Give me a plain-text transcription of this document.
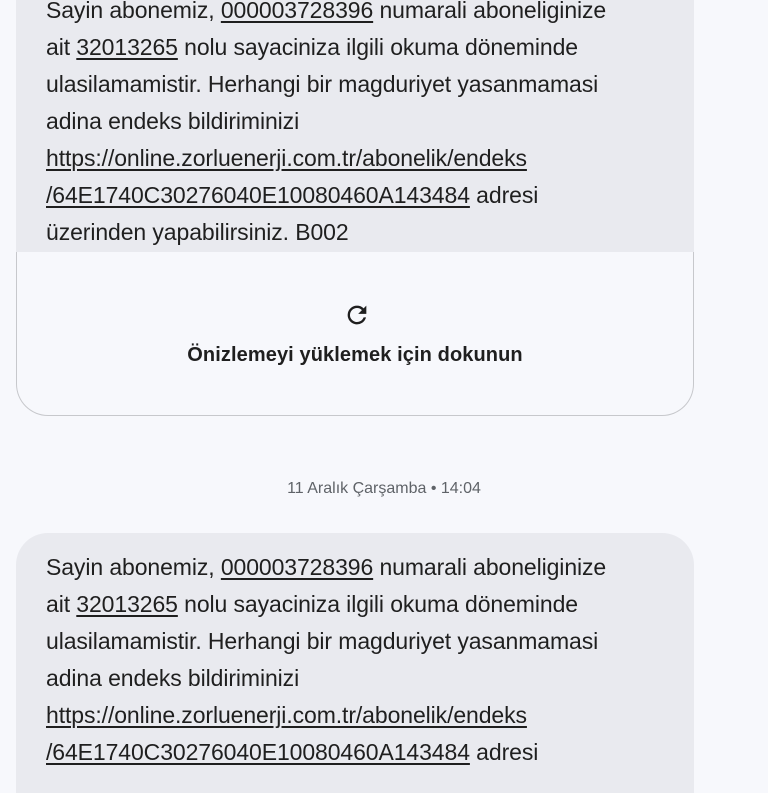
Sayin abonemiz, 000003728396 numarali aboneliginize
ait 32013265 nolu sayaciniza ilgili okuma döneminde
ulasilamamistir. Herhangi bir magduriyet yasanmamasi
adina endeks bildiriminizi
https://online.zorluenerji.com.tr/abonelik/endeks
/64E1740C30276040E10080460A143484 adresi
üzerinden yapabilirsiniz. B002

Önizlemeyi yüklemek için dokunun
11 Aralık Çarşamba • 14:04

Sayin abonemiz, 000003728396 numarali aboneliginize
ait 32013265 nolu sayaciniza ilgili okuma döneminde
ulasilamamistir. Herhangi bir magduriyet yasanmamasi
adina endeks bildiriminizi
https://online.zorluenerji.com.tr/abonelik/endeks
/64E1740C30276040E10080460A143484 adresi
